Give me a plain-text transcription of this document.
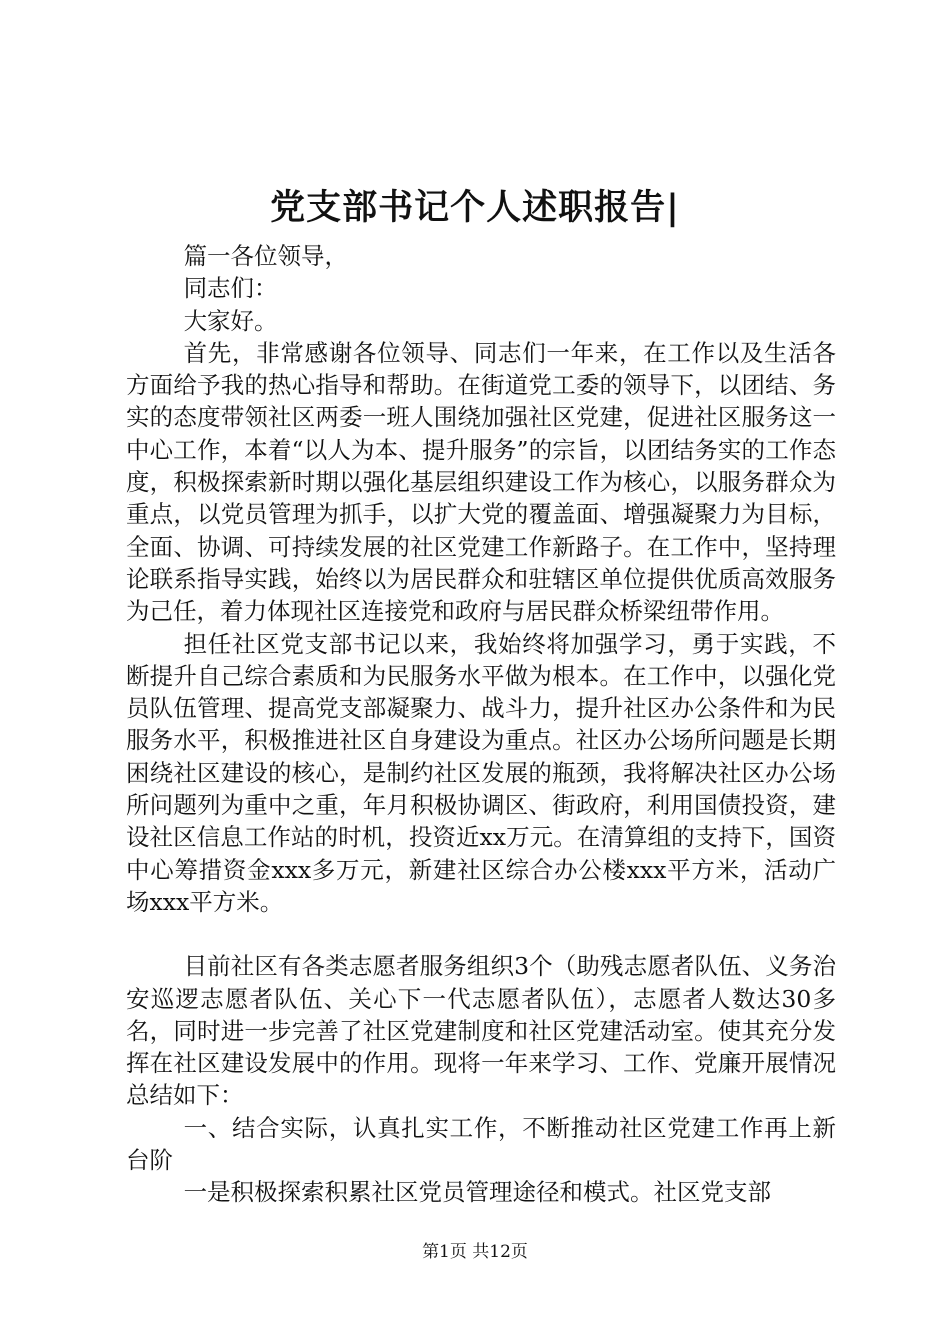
党支部书记个人述职报告|

篇一各位领导，

同志们：

大家好。

首先，非常感谢各位领导、同志们一年来，在工作以及生活各方面给予我的热心指导和帮助。在街道党工委的领导下，以团结、务实的态度带领社区两委一班人围绕加强社区党建，促进社区服务这一中心工作，本着“以人为本、提升服务”的宗旨，以团结务实的工作态度，积极探索新时期以强化基层组织建设工作为核心，以服务群众为重点，以党员管理为抓手，以扩大党的覆盖面、增强凝聚力为目标，全面、协调、可持续发展的社区党建工作新路子。在工作中，坚持理论联系指导实践，始终以为居民群众和驻辖区单位提供优质高效服务为己任，着力体现社区连接党和政府与居民群众桥梁纽带作用。

担任社区党支部书记以来，我始终将加强学习，勇于实践，不断提升自己综合素质和为民服务水平做为根本。在工作中，以强化党员队伍管理、提高党支部凝聚力、战斗力，提升社区办公条件和为民服务水平，积极推进社区自身建设为重点。社区办公场所问题是长期困绕社区建设的核心，是制约社区发展的瓶颈，我将解决社区办公场所问题列为重中之重，年月积极协调区、街政府，利用国债投资，建设社区信息工作站的时机，投资近xx万元。在清算组的支持下，国资中心筹措资金xxx多万元，新建社区综合办公楼xxx平方米，活动广场xxx平方米。

目前社区有各类志愿者服务组织3个（助残志愿者队伍、义务治安巡逻志愿者队伍、关心下一代志愿者队伍），志愿者人数达30多名，同时进一步完善了社区党建制度和社区党建活动室。使其充分发挥在社区建设发展中的作用。现将一年来学习、工作、党廉开展情况总结如下：

一、结合实际，认真扎实工作，不断推动社区党建工作再上新台阶

一是积极探索积累社区党员管理途径和模式。社区党支部

第1页 共12页
